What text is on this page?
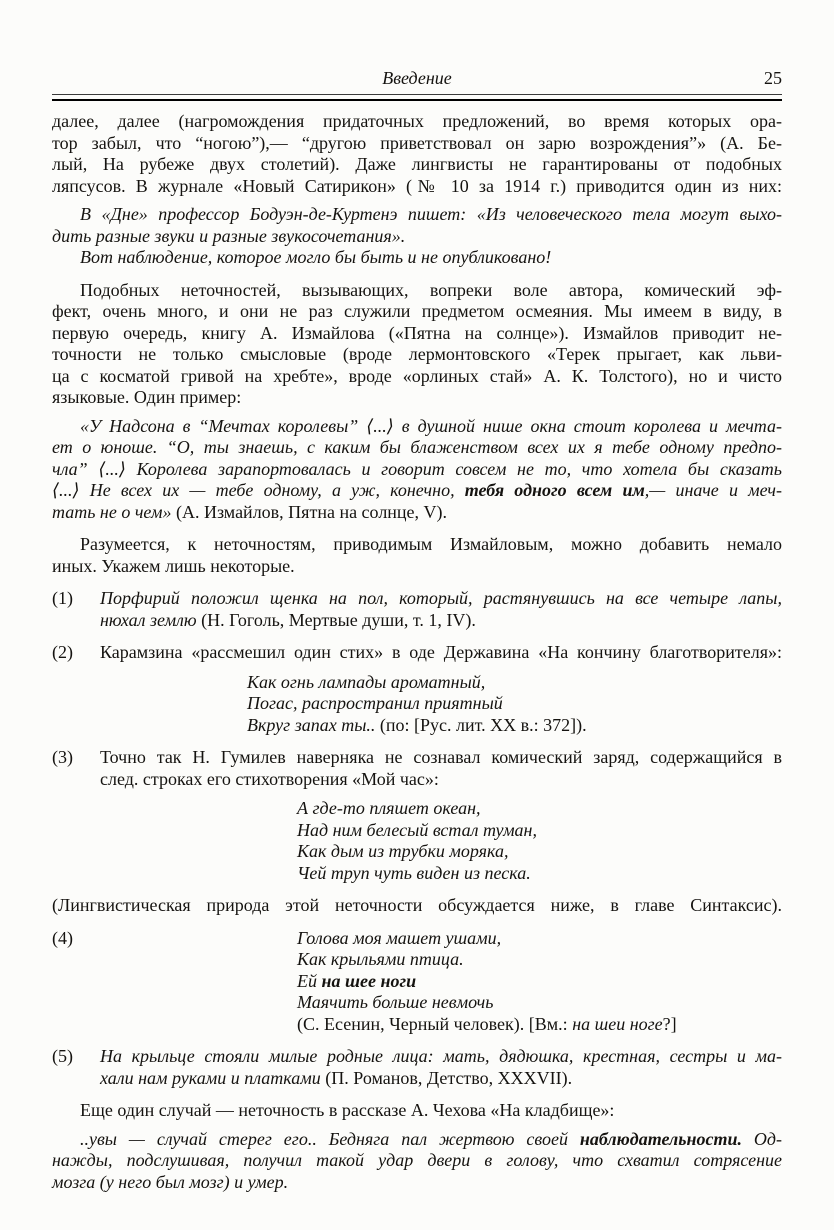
Введение	25
далее, далее (нагромождения придаточных предложений, во время которых ора-
тор забыл, что “ногою”),— “другою приветствовал он зарю возрождения”» (А. Бе-
лый, На рубеже двух столетий). Даже лингвисты не гарантированы от подобных
ляпсусов. В журнале «Новый Сатирикон» (№ 10 за 1914 г.) приводится один из них:
В «Дне» профессор Бодуэн-де-Куртенэ пишет: «Из человеческого тела могут выхо-
дить разные звуки и разные звукосочетания».
Вот наблюдение, которое могло бы быть и не опубликовано!
Подобных неточностей, вызывающих, вопреки воле автора, комический эф-
фект, очень много, и они не раз служили предметом осмеяния. Мы имеем в виду, в
первую очередь, книгу А. Измайлова («Пятна на солнце»). Измайлов приводит не-
точности не только смысловые (вроде лермонтовского «Терек прыгает, как льви-
ца с косматой гривой на хребте», вроде «орлиных стай» А. К. Толстого), но и чисто
языковые. Один пример:
«У Надсона в “Мечтах королевы” ⟨...⟩ в душной нише окна стоит королева и мечта-
ет о юноше. “О, ты знаешь, с каким бы блаженством всех их я тебе одному предпо-
чла” ⟨...⟩ Королева зарапортовалась и говорит совсем не то, что хотела бы сказать
⟨...⟩ Не всех их — тебе одному, а уж, конечно, тебя одного всем им,— иначе и меч-
тать не о чем» (А. Измайлов, Пятна на солнце, V).
Разумеется, к неточностям, приводимым Измайловым, можно добавить немало
иных. Укажем лишь некоторые.
(1) Порфирий положил щенка на пол, который, растянувшись на все четыре лапы,
нюхал землю (Н. Гоголь, Мертвые души, т. 1, IV).
(2) Карамзина «рассмешил один стих» в оде Державина «На кончину благотворителя»:
Как огнь лампады ароматный,
Погас, распространил приятный
Вкруг запах ты.. (по: [Рус. лит. XX в.: 372]).
(3) Точно так Н. Гумилев наверняка не сознавал комический заряд, содержащийся в
след. строках его стихотворения «Мой час»:
А где-то пляшет океан,
Над ним белесый встал туман,
Как дым из трубки моряка,
Чей труп чуть виден из песка.
(Лингвистическая природа этой неточности обсуждается ниже, в главе Синтаксис).
(4)	Голова моя машет ушами,
Как крыльями птица.
Ей на шее ноги
Маячить больше невмочь
(С. Есенин, Черный человек). [Вм.: на шеи ноге?]
(5) На крыльце стояли милые родные лица: мать, дядюшка, крестная, сестры и ма-
хали нам руками и платками (П. Романов, Детство, XXXVII).
Еще один случай — неточность в рассказе А. Чехова «На кладбище»:
..увы — случай стерег его.. Бедняга пал жертвою своей наблюдательности. Од-
нажды, подслушивая, получил такой удар двери в голову, что схватил сотрясение
мозга (у него был мозг) и умер.
